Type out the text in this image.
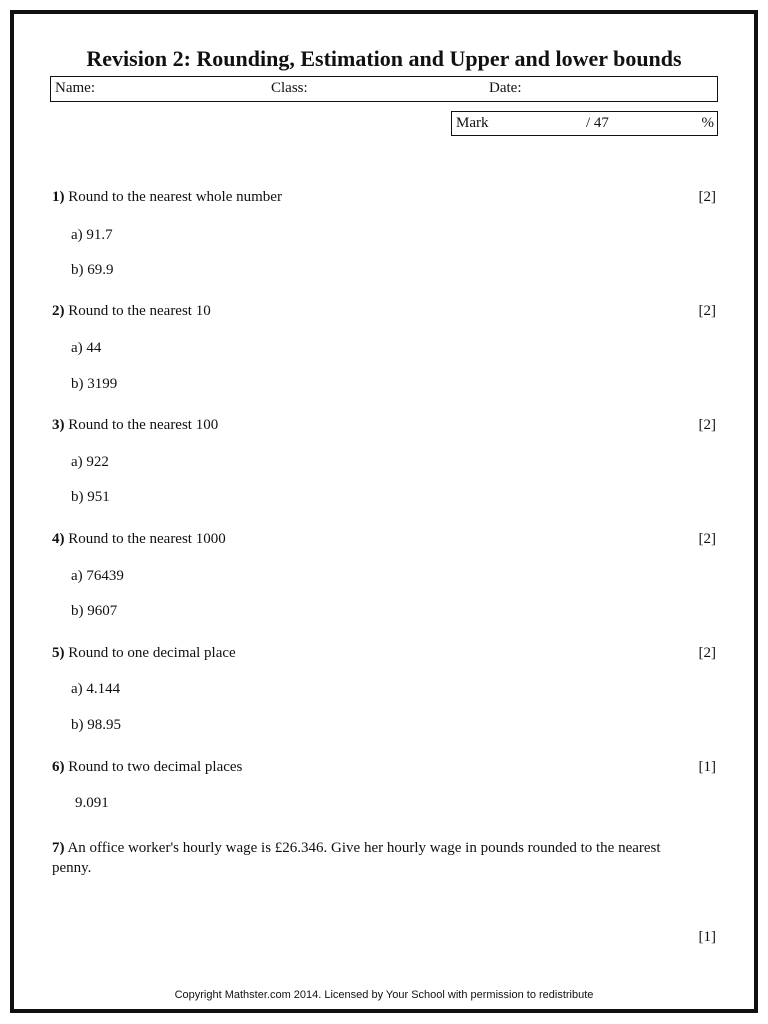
Revision 2: Rounding, Estimation and Upper and lower bounds
Name:	Class:	Date:
Mark	/ 47	%
1) Round to the nearest whole number	[2]
a) 91.7
b) 69.9
2) Round to the nearest 10	[2]
a) 44
b) 3199
3) Round to the nearest 100	[2]
a) 922
b) 951
4) Round to the nearest 1000	[2]
a) 76439
b) 9607
5) Round to one decimal place	[2]
a) 4.144
b) 98.95
6) Round to two decimal places	[1]
9.091
7) An office worker's hourly wage is £26.346. Give her hourly wage in pounds rounded to the nearest penny.
[1]
Copyright Mathster.com 2014. Licensed by Your School with permission to redistribute
